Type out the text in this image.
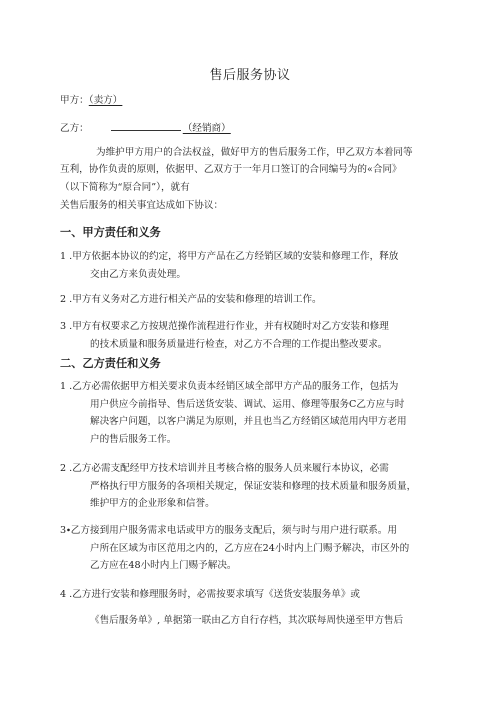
售后服务协议
甲方：（卖方）
乙方：	（经销商）
为维护甲方用户的合法权益，做好甲方的售后服务工作，甲乙双方本着同等
互利，协作负责的原则，依据甲、乙双方于一年月口签订的合同编号为的«合同》
（以下简称为“原合同”），就有
关售后服务的相关事宜达成如下协议：
一、甲方责任和义务
1 .甲方依据本协议的约定，将甲方产品在乙方经销区域的安装和修理工作，释放
交由乙方来负责处理。
2 .甲方有义务对乙方进行相关产品的安装和修理的培训工作。
3 .甲方有权要求乙方按规范操作流程进行作业，并有权随时对乙方安装和修理
的技术质量和服务质量进行检查，对乙方不合理的工作提出整改要求。
二、乙方责任和义务
1 .乙方必需依据甲方相关要求负责本经销区域全部甲方产品的服务工作，包括为
用户供应今前指导、售后送货安装、调试、运用、修理等服务C乙方应与时
解决客户问题，以客户满足为原则，并且也当乙方经销区域范用内甲方老用
户的售后服务工作。
2 .乙方必需支配经甲方技术培训并且考核合格的服务人员来履行本协议，必需
严格执行甲方服务的各项相关规定，保证安装和修理的技术质量和服务质量，
维护甲方的企业形象和信誉。
3∙乙方接到用户服务需求电话或甲方的服务支配后，须与时与用户进行联系。用
户所在区域为市区范用之内的，乙方应在24小时内上门赐予解决，市区外的
乙方应在48小时内上门赐予解决。
4 .乙方进行安装和修理服务时，必需按要求填写《送货安装服务单》或
《售后服务单》, 单据第一联由乙方自行存档，其次联每周快递至甲方售后
